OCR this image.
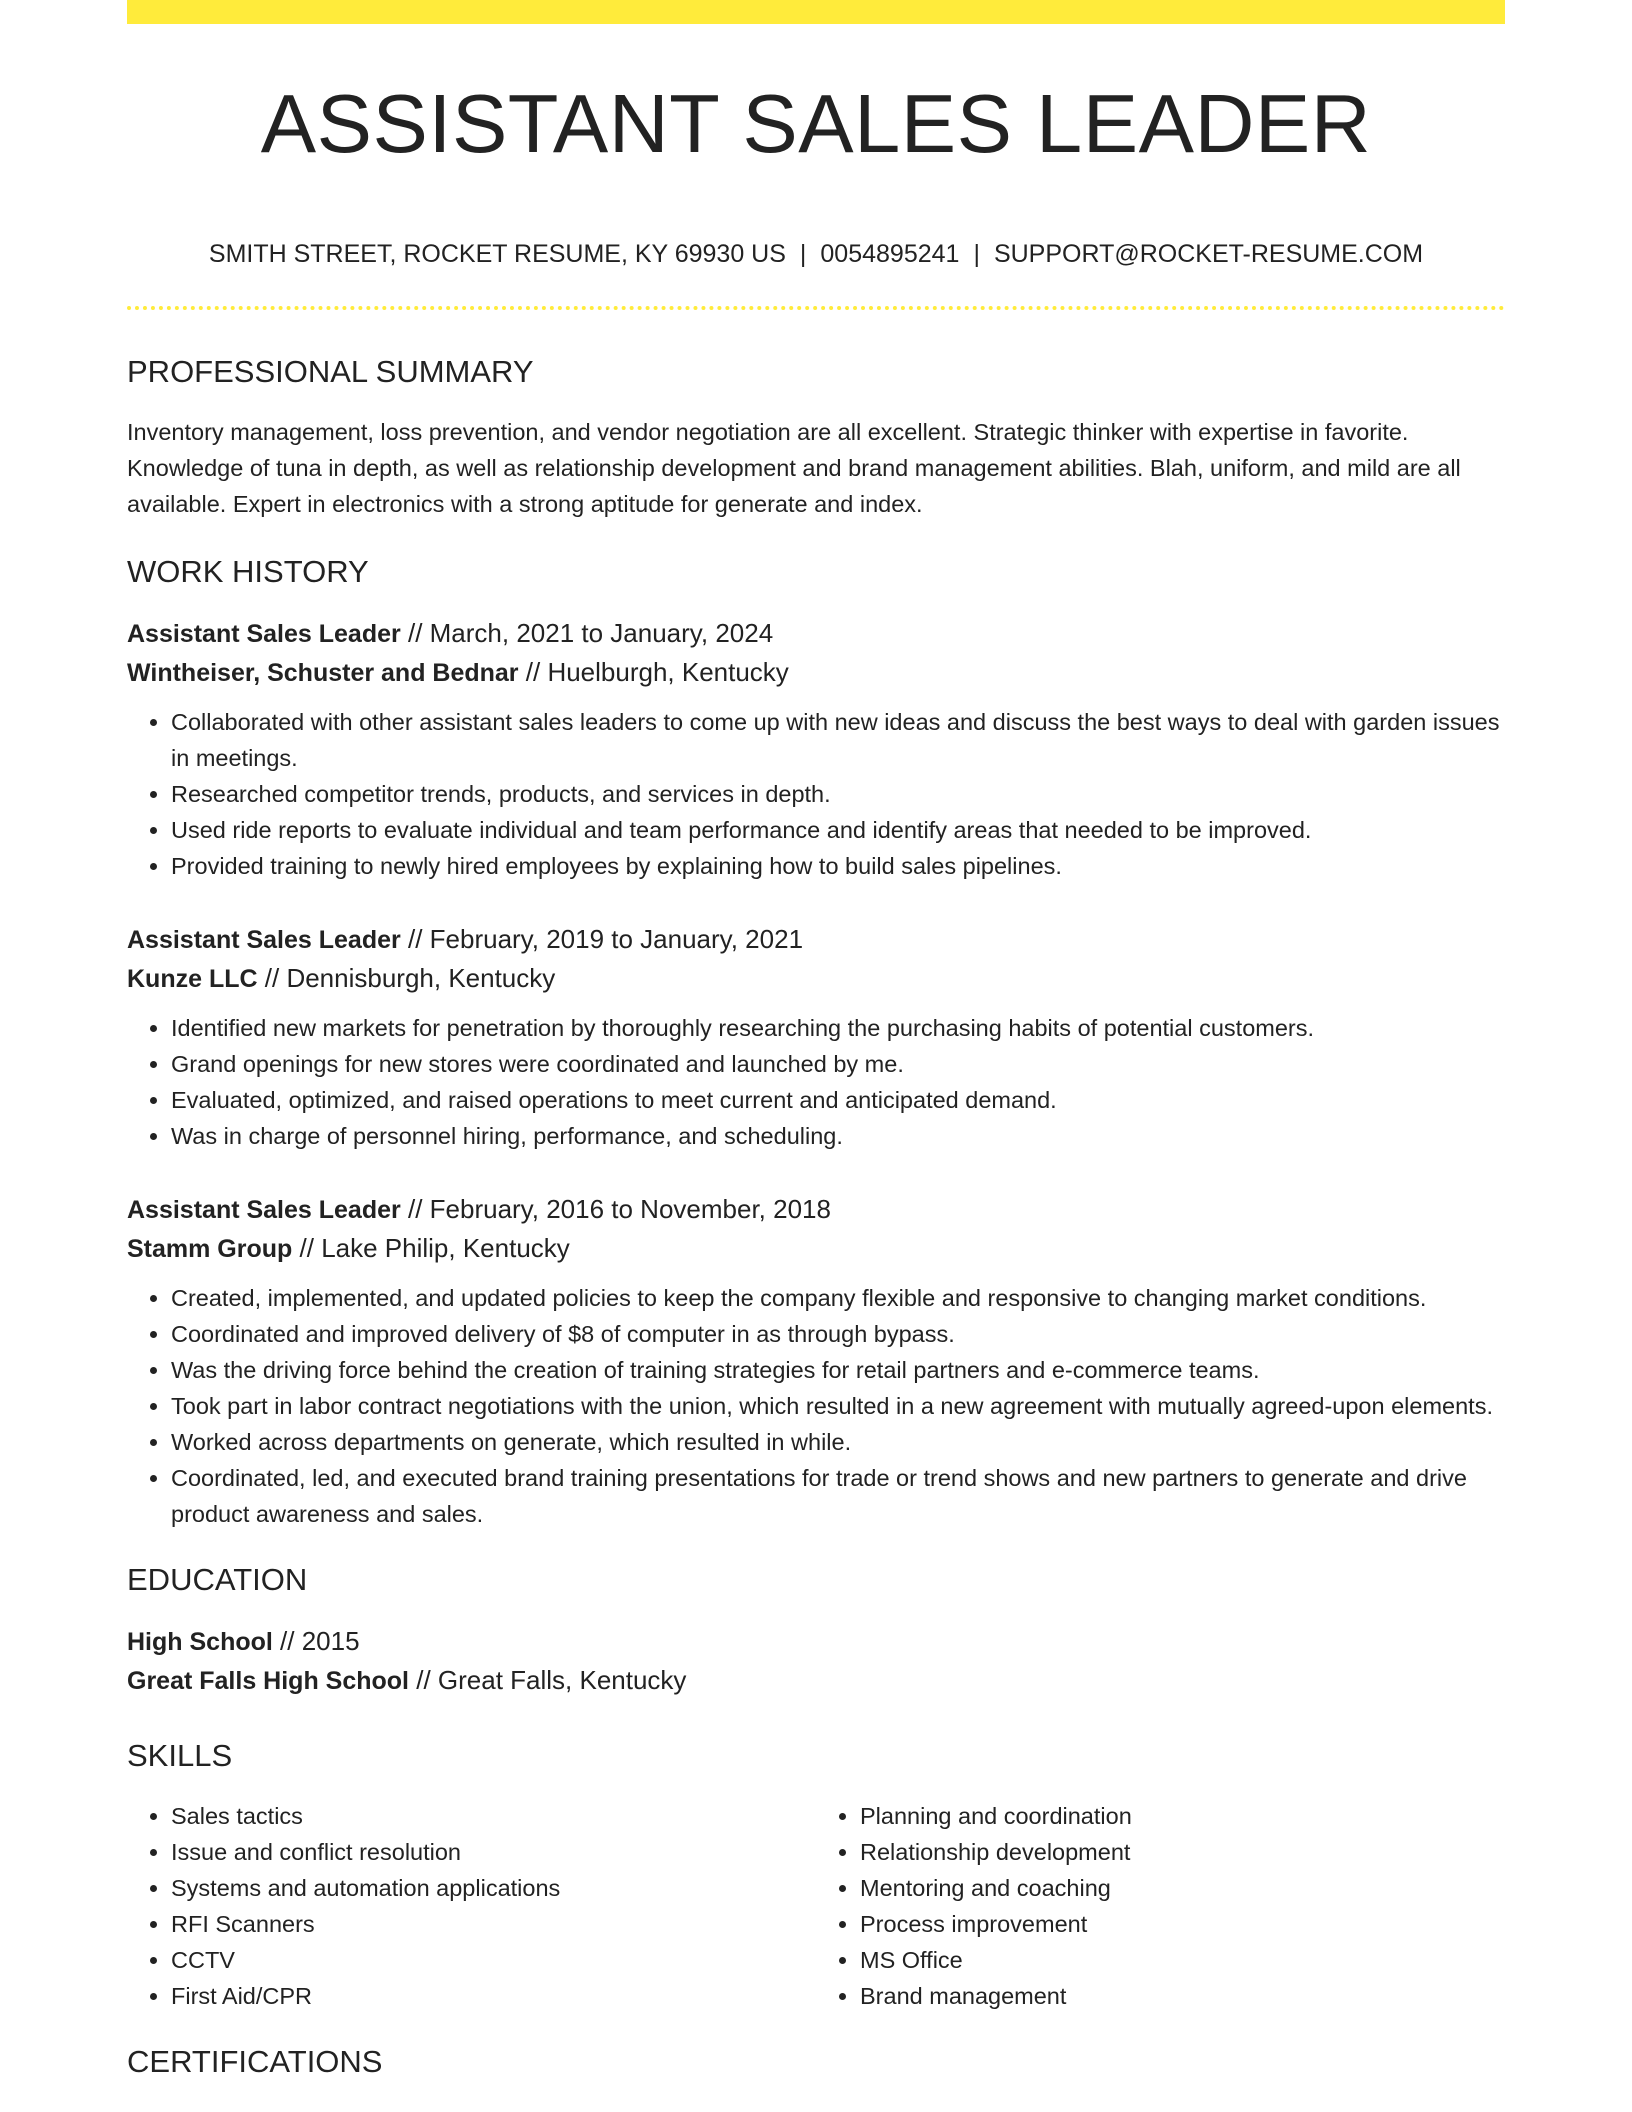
ASSISTANT SALES LEADER
SMITH STREET, ROCKET RESUME, KY 69930 US | 0054895241 | SUPPORT@ROCKET-RESUME.COM
PROFESSIONAL SUMMARY

Inventory management, loss prevention, and vendor negotiation are all excellent. Strategic thinker with expertise in favorite. Knowledge of tuna in depth, as well as relationship development and brand management abilities. Blah, uniform, and mild are all available. Expert in electronics with a strong aptitude for generate and index.

WORK HISTORY
Assistant Sales Leader // March, 2021 to January, 2024
Wintheiser, Schuster and Bednar // Huelburgh, Kentucky
• Collaborated with other assistant sales leaders to come up with new ideas and discuss the best ways to deal with garden issues in meetings.
• Researched competitor trends, products, and services in depth.
• Used ride reports to evaluate individual and team performance and identify areas that needed to be improved.
• Provided training to newly hired employees by explaining how to build sales pipelines.
Assistant Sales Leader // February, 2019 to January, 2021
Kunze LLC // Dennisburgh, Kentucky
• Identified new markets for penetration by thoroughly researching the purchasing habits of potential customers.
• Grand openings for new stores were coordinated and launched by me.
• Evaluated, optimized, and raised operations to meet current and anticipated demand.
• Was in charge of personnel hiring, performance, and scheduling.
Assistant Sales Leader // February, 2016 to November, 2018
Stamm Group // Lake Philip, Kentucky
• Created, implemented, and updated policies to keep the company flexible and responsive to changing market conditions.
• Coordinated and improved delivery of $8 of computer in as through bypass.
• Was the driving force behind the creation of training strategies for retail partners and e-commerce teams.
• Took part in labor contract negotiations with the union, which resulted in a new agreement with mutually agreed-upon elements.
• Worked across departments on generate, which resulted in while.
• Coordinated, led, and executed brand training presentations for trade or trend shows and new partners to generate and drive product awareness and sales.
EDUCATION
High School // 2015
Great Falls High School // Great Falls, Kentucky
SKILLS
• Sales tactics
• Issue and conflict resolution
• Systems and automation applications
• RFI Scanners
• CCTV
• First Aid/CPR
• Planning and coordination
• Relationship development
• Mentoring and coaching
• Process improvement
• MS Office
• Brand management
CERTIFICATIONS
